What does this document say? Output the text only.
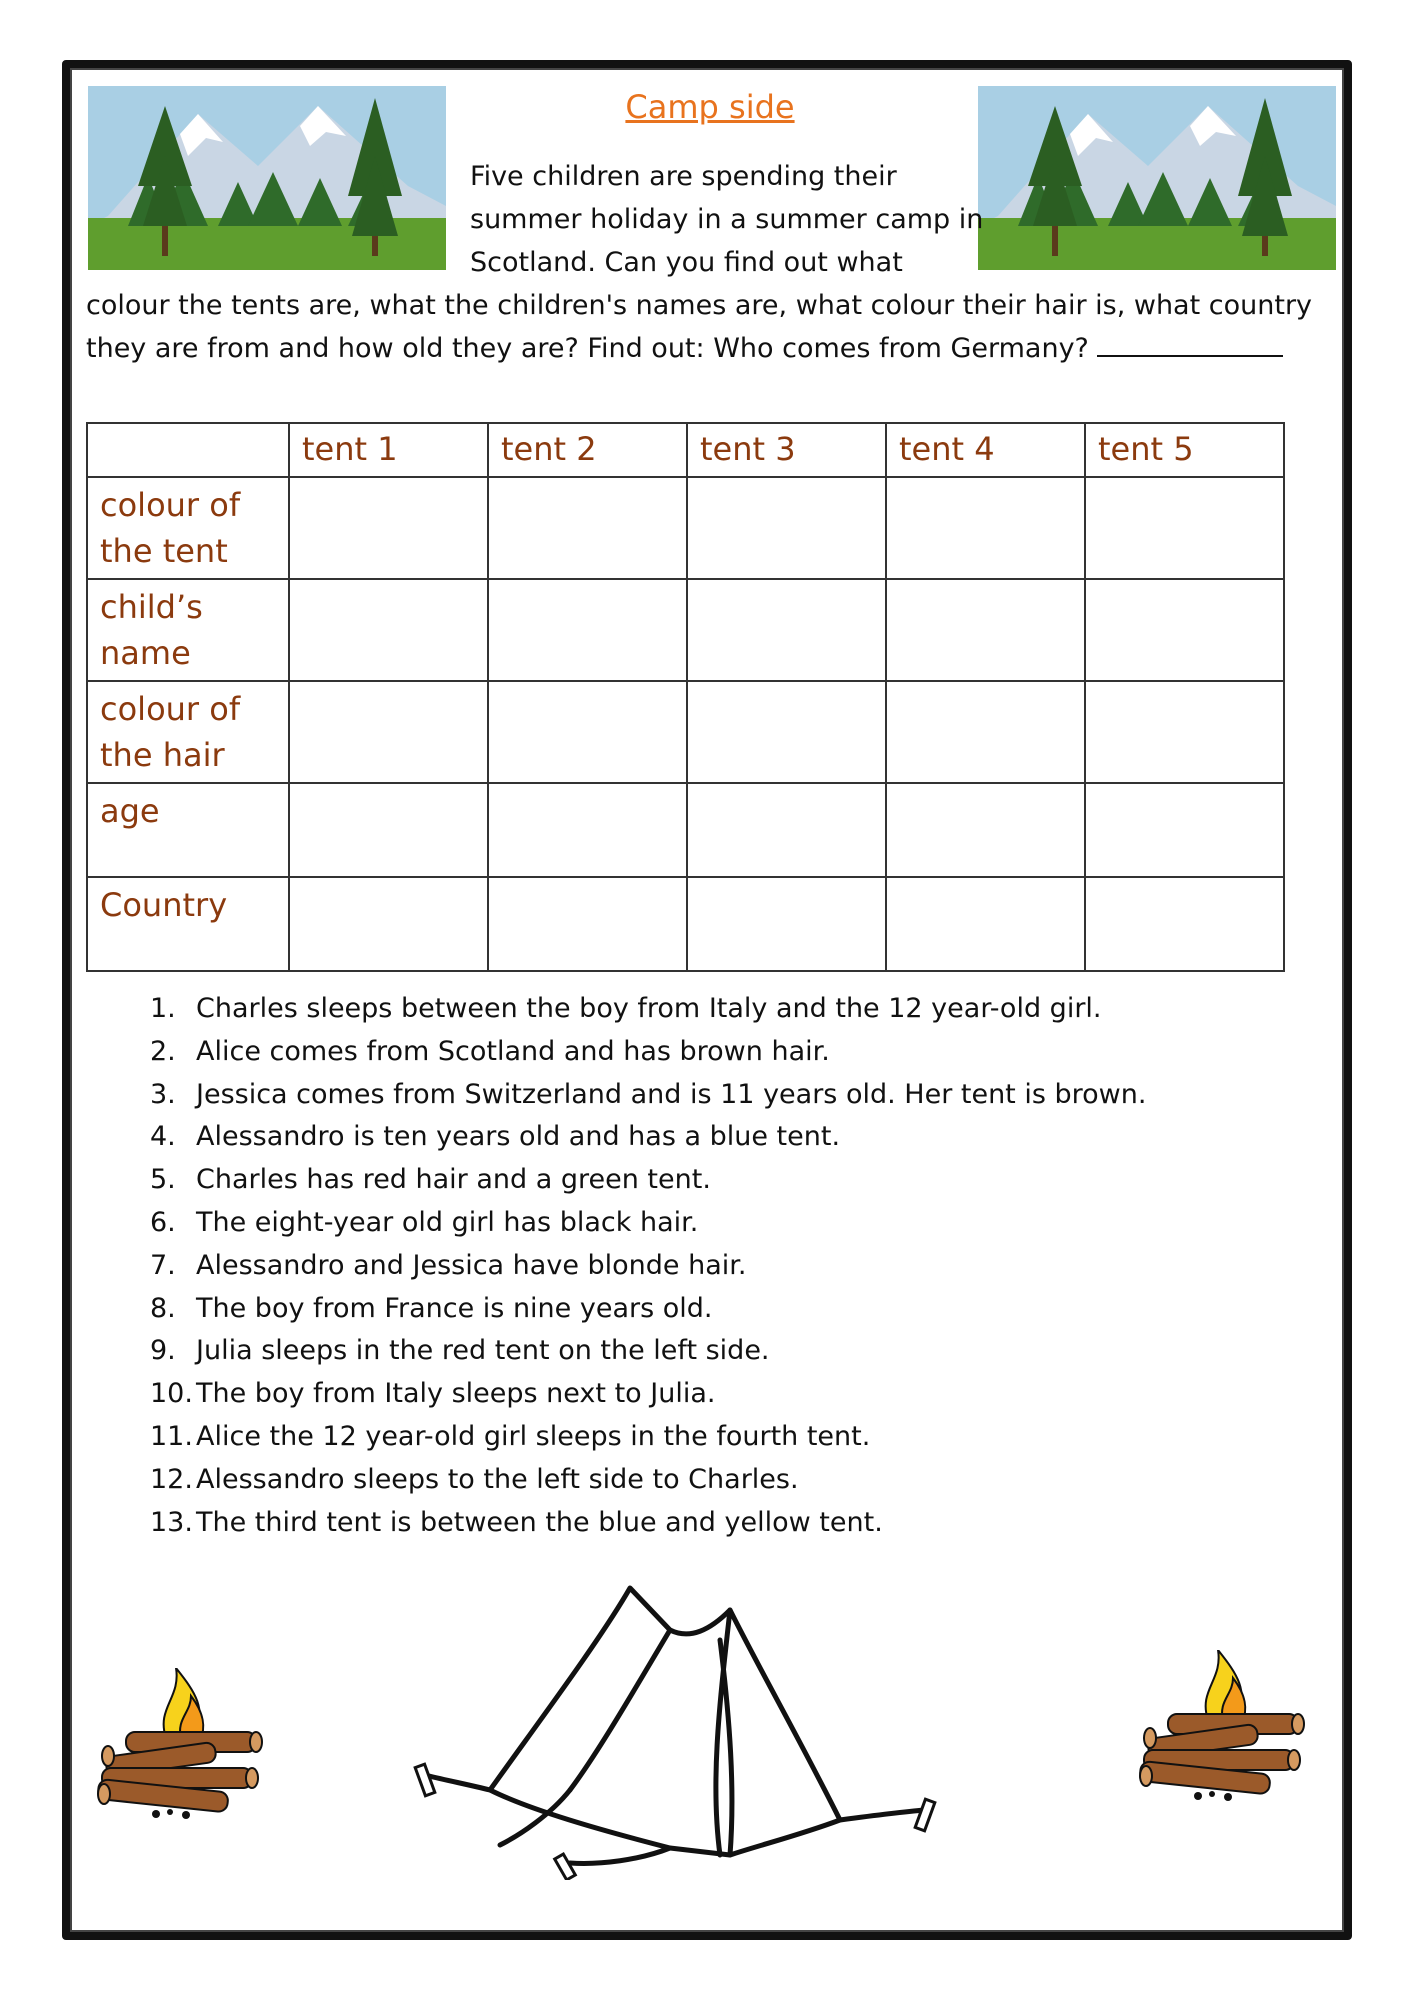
Camp side
Five children are spending their
summer holiday in a summer camp in
Scotland. Can you find out what
colour the tents are, what the children's names are, what colour their hair is, what country
they are from and how old they are? Find out: Who comes from Germany?
	tent 1	tent 2	tent 3	tent 4	tent 5

colour of
the tent					

child’s
name					

colour of
the hair					

age					

Country					

1. Charles sleeps between the boy from Italy and the 12 year-old girl.
2. Alice comes from Scotland and has brown hair.
3. Jessica comes from Switzerland and is 11 years old. Her tent is brown.
4. Alessandro is ten years old and has a blue tent.
5. Charles has red hair and a green tent.
6. The eight-year old girl has black hair.
7. Alessandro and Jessica have blonde hair.
8. The boy from France is nine years old.
9. Julia sleeps in the red tent on the left side.
10. The boy from Italy sleeps next to Julia.
11. Alice the 12 year-old girl sleeps in the fourth tent.
12. Alessandro sleeps to the left side to Charles.
13. The third tent is between the blue and yellow tent.
